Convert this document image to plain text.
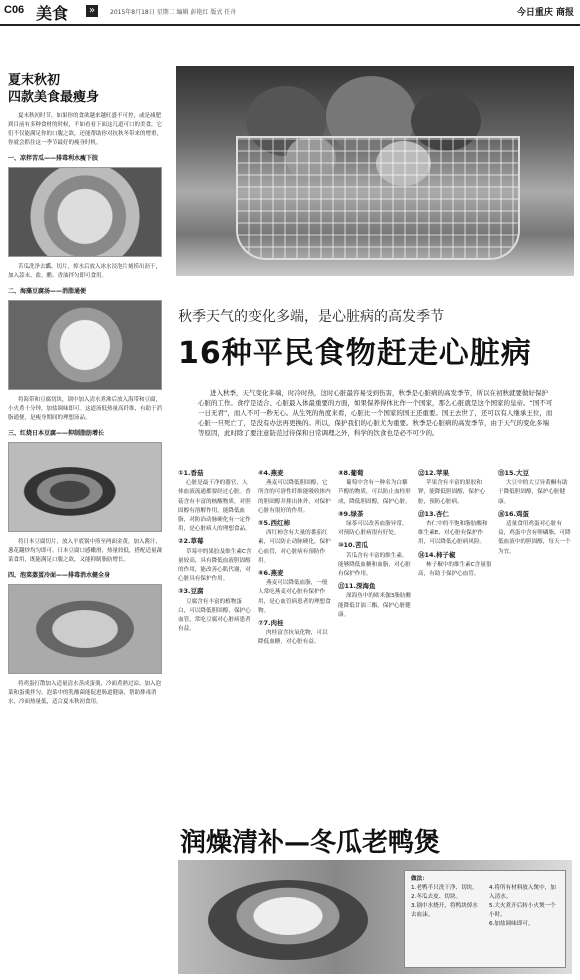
C06 美食 »	2015年8月18日 星期二 编辑 彭艳红 版式 任舟	今日重庆 商报
夏末秋初
四款美食最瘦身
夏末秋初时节，如果你的食欲越来越旺盛不可控，或是减肥到目前有多种食材的时候，不如看看下面这几道可口的美食，它们不仅能满足你的口腹之欲，还能帮助你对抗秋冬带来的增重，你就会抓住这一季节最好的瘦身时机。
一、凉拌苦瓜——排毒利水瘦下肢
苦瓜洗净去瓤、切片，焯水后放入冰水浸泡片刻捞出沥干，加入蒜末、盐、醋、香油拌匀即可食用。
二、海藻豆腐汤——消脂通便
将海带和豆腐切块，锅中加入清水煮沸后放入海带和豆腐，小火煮十分钟，加盐调味即可。这道汤低热量高纤维，有助于消脂通便，是瘦身期间的理想汤品。
三、红烧日本豆腐——抑制脂肪增长
将日本豆腐切片，放入平底锅中煎至两面金黄，加入酱汁、葱花翻炒均匀即可。日本豆腐口感嫩滑，热量较低，搭配适量蔬菜食用，既能满足口腹之欲，又能抑制脂肪增长。
四、泡菜蒸蛋冷面——排毒消水健全身
将鸡蛋打散加入适量清水蒸成蛋羹，冷面煮熟过凉，加入泡菜和蛋羹拌匀。泡菜中的乳酸菌能促进肠道健康，帮助排毒消水，冷面热量低，适合夏末秋初食用。
秋季天气的变化多端，是心脏病的高发季节
16种平民食物赶走心脏病
进入秋季，天气变化多端，时冷时热，这时心脏最容易受到伤害，秋季是心脏病的高发季节，所以在初秋就要做好保护心脏的工作。食疗是适合、心脏最入体最重要的方面，如果保养得体比作一个国家，那么心脏就是这个国家的皇帝。“国不可一日无君”，而人不可一秒无心。从生死的角度来看，心脏比一个国家的国王还重要。国王去世了，还可以有人继承王位，而心脏一旦死亡了，是没有办法再更换的。所以，保护我们的心脏尤为重要。秋季是心脏病的高发季节，由于天气的变化多端等原因，此时除了要注意防范过待保和日常调理之外，科学的饮食也是必不可少的。
①1.香菇

心脏是最干净的器官，人体血液流通都要经过心脏。香菇含有丰富的核酸物质，对胆固醇有溶解作用，能降低血脂，对防治动脉硬化有一定作用，是心脏病人的理想食品。

②2.草莓

草莓中的果胶及维生素C含量较高，具有降低血液胆固醇的作用，能改善心肌代谢，对心脏具有保护作用。

③3.豆腐

豆腐含有丰富的植物蛋白，可以降低胆固醇，保护心血管，常吃豆腐对心脏病患者有益。

④4.燕麦

燕麦可以降低胆固醇，它所含的可溶性纤维能吸收体内的胆固醇并排出体外，对保护心脏有很好的作用。

⑤5.西红柿

西红柿含有大量的番茄红素，可以防止动脉硬化，保护心血管，对心脏病有预防作用。

⑥6.燕麦

燕麦可以降低血脂，一般人常吃燕麦对心脏有保护作用，是心血管病患者的理想食物。

⑦7.肉桂

肉桂富含抗氧化物，可以降低血糖，对心脏有益。

⑧8.葡萄

葡萄中含有一种名为白藜芦醇的物质，可以防止血栓形成，降低胆固醇，保护心脏。

⑨9.绿茶

绿茶可以改善血脂异常，对预防心脏病很有好处。

⑩10.苦瓜

苦瓜含有丰富的维生素，能够降低血糖和血脂，对心脏有保护作用。

⑪11.深海鱼

深海鱼中的欧米伽3脂肪酸能降低甘油三酯，保护心脏健康。

⑫12.苹果

苹果含有丰富的果胶和钾，能降低胆固醇，保护心脏，预防心脏病。

⑬13.杏仁

杏仁中的不饱和脂肪酸和维生素E，对心脏有保护作用，可以降低心脏病风险。

⑭14.柿子椒

柿子椒中的维生素C含量很高，有助于保护心血管。

⑮15.大豆

大豆中的大豆异黄酮有助于降低胆固醇，保护心脏健康。

⑯16.鸡蛋

适量食用鸡蛋对心脏有益，鸡蛋中含有卵磷脂，可降低血液中的胆固醇，每天一个为宜。

润燥清补—冬瓜老鸭煲
做法：
1.老鸭半只洗干净、切块。
2.冬瓜去皮、切块。
3.锅中水烧开，将鸭块焯水去血沫。
4.将所有材料放入煲中，加入清水。
5.大火煮开后转小火煲一个小时。
6.加盐调味即可。
